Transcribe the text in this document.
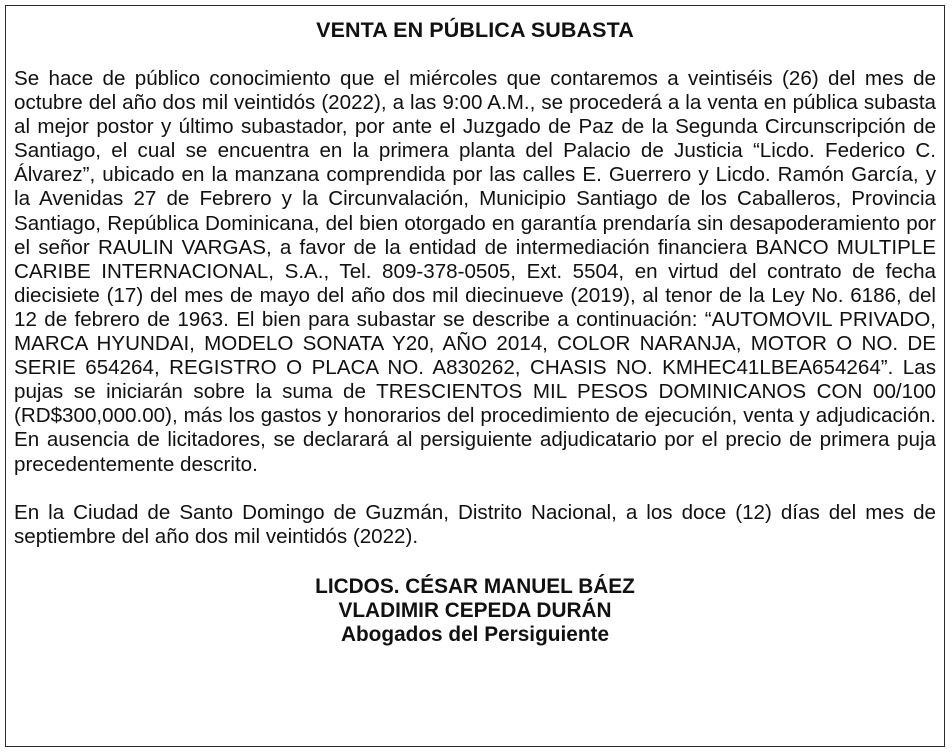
VENTA EN PÚBLICA SUBASTA

Se hace de público conocimiento que el miércoles que contaremos a veintiséis (26) del mes de octubre del año dos mil veintidós (2022), a las 9:00 A.M., se procederá a la venta en pública subasta al mejor postor y último subastador, por ante el Juzgado de Paz de la Segunda Circunscripción de Santiago, el cual se encuentra en la primera planta del Palacio de Justicia “Licdo. Federico C. Álvarez”, ubicado en la manzana comprendida por las calles E. Guerrero y Licdo. Ramón García, y la Avenidas 27 de Febrero y la Circunvalación, Municipio Santiago de los Caballeros, Provincia Santiago, República Dominicana, del bien otorgado en garantía prendaría sin desapoderamiento por el señor RAULIN VARGAS, a favor de la entidad de intermediación financiera BANCO MULTIPLE CARIBE INTERNACIONAL, S.A., Tel. 809-378-0505, Ext. 5504, en virtud del contrato de fecha diecisiete (17) del mes de mayo del año dos mil diecinueve (2019), al tenor de la Ley No. 6186, del 12 de febrero de 1963. El bien para subastar se describe a continuación: “AUTOMOVIL PRIVADO, MARCA HYUNDAI, MODELO SONATA Y20, AÑO 2014, COLOR NARANJA, MOTOR O NO. DE SERIE 654264, REGISTRO O PLACA NO. A830262, CHASIS NO. KMHEC41LBEA654264”. Las pujas se iniciarán sobre la suma de TRESCIENTOS MIL PESOS DOMINICANOS CON 00/100 (RD$300,000.00), más los gastos y honorarios del procedimiento de ejecución, venta y adjudicación. En ausencia de licitadores, se declarará al persiguiente adjudicatario por el precio de primera puja precedentemente descrito.

En la Ciudad de Santo Domingo de Guzmán, Distrito Nacional, a los doce (12) días del mes de septiembre del año dos mil veintidós (2022).

LICDOS. CÉSAR MANUEL BÁEZ
VLADIMIR CEPEDA DURÁN
Abogados del Persiguiente
